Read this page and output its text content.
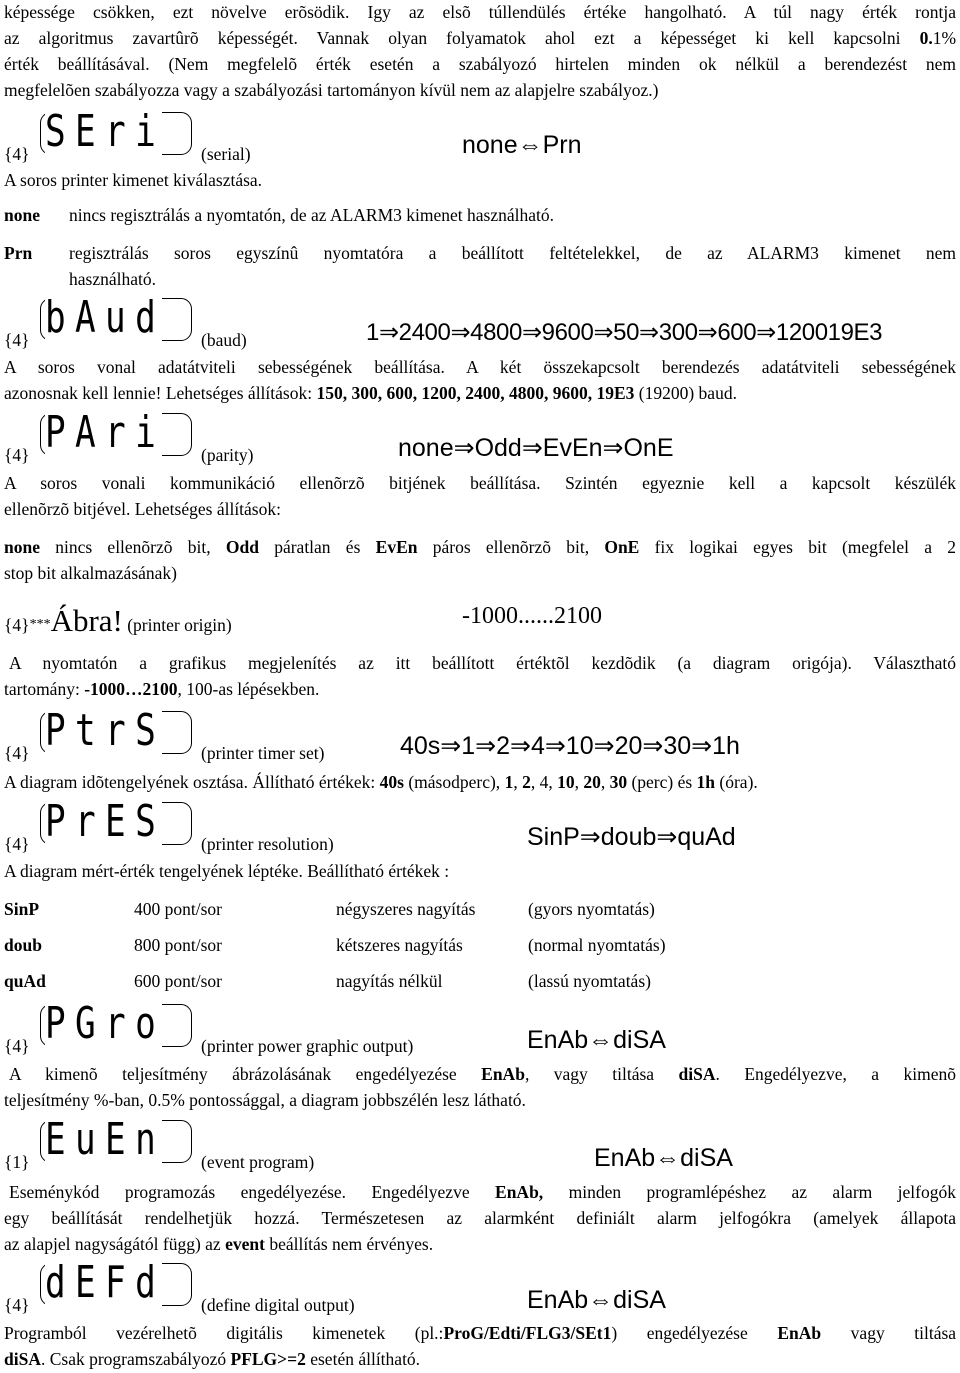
képessége csökken, ezt növelve erõsödik. Igy az elsõ túllendülés értéke hangolható. A túl nagy érték rontja
az algoritmus zavartûrõ képességét. Vannak olyan folyamatok ahol ezt a képességet ki kell kapcsolni 0.1%
érték beállításával. (Nem megfelelõ érték esetén a szabályozó hirtelen minden ok nélkül a berendezést nem
megfelelõen szabályozza vagy a szabályozási tartományon kívül nem az alapjelre szabályoz.)
{4} SEri (serial)	none⇔Prn
A soros printer kimenet kiválasztása.
none nincs regisztrálás a nyomtatón, de az ALARM3 kimenet használható.
Prn regisztrálás soros egyszínû nyomtatóra a beállított feltételekkel, de az ALARM3 kimenet nem
használható.
{4} bAud (baud)	1⇒2400⇒4800⇒9600⇒50⇒300⇒600⇒120019E3
A soros vonal adatátviteli sebességének beállítása. A két összekapcsolt berendezés adatátviteli sebességének
azonosnak kell lennie! Lehetséges állítások: 150, 300, 600, 1200, 2400, 4800, 9600, 19E3 (19200) baud.
{4} PAri (parity)	none⇒Odd⇒EvEn⇒OnE
A soros vonali kommunikáció ellenõrzõ bitjének beállítása. Szintén egyeznie kell a kapcsolt készülék
ellenõrzõ bitjével. Lehetséges állítások:
none nincs ellenõrzõ bit, Odd páratlan és EvEn páros ellenõrzõ bit, OnE fix logikai egyes bit (megfelel a 2
stop bit alkalmazásának)
{4}***Ábra! (printer origin)	-1000......2100
A nyomtatón a grafikus megjelenítés az itt beállított értéktõl kezdõdik (a diagram origója). Választható
tartomány: -1000…2100, 100-as lépésekben.
{4} PtrS (printer timer set)	40s⇒1⇒2⇒4⇒10⇒20⇒30⇒1h
A diagram idõtengelyének osztása. Állítható értékek: 40s (másodperc), 1, 2, 4, 10, 20, 30 (perc) és 1h (óra).
{4} PrES (printer resolution)	SinP⇒doub⇒quAd
A diagram mért-érték tengelyének léptéke. Beállítható értékek :
SinP	400 pont/sor	négyszeres nagyítás	(gyors nyomtatás)
doub	800 pont/sor	kétszeres nagyítás	(normal nyomtatás)
quAd	600 pont/sor	nagyítás nélkül	(lassú nyomtatás)
{4} PGro (printer power graphic output)	EnAb⇔diSA
A kimenõ teljesítmény ábrázolásának engedélyezése EnAb, vagy tiltása diSA. Engedélyezve, a kimenõ
teljesítmény %-ban, 0.5% pontossággal, a diagram jobbszélén lesz látható.
{1} EuEn (event program)	EnAb⇔diSA
Eseménykód programozás engedélyezése. Engedélyezve EnAb, minden programlépéshez az alarm jelfogók
egy beállítását rendelhetjük hozzá. Természetesen az alarmként definiált alarm jelfogókra (amelyek állapota
az alapjel nagyságától függ) az event beállítás nem érvényes.
{4} dEFd (define digital output)	EnAb⇔diSA
Programból vezérelhetõ digitális kimenetek (pl.:ProG/Edti/FLG3/SEt1) engedélyezése EnAb vagy tiltása
diSA. Csak programszabályozó PFLG>=2 esetén állítható.
